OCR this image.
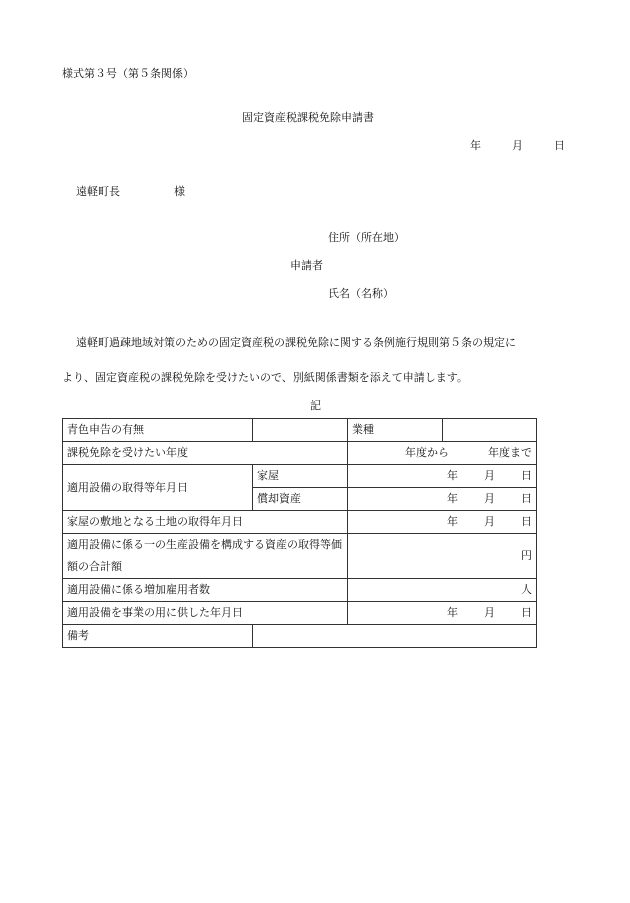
様式第３号（第５条関係）
固定資産税課税免除申請書
年	月	日
遠軽町長	様
住所（所在地）
申請者
氏名（名称）
遠軽町過疎地域対策のための固定資産税の課税免除に関する条例施行規則第５条の規定に
より、固定資産税の課税免除を受けたいので、別紙関係書類を添えて申請します。
記
青色申告の有無		業種	
課税免除を受けたい年度		年度から 年度まで	
適用設備の取得等年月日	家屋	年 月 日	
	償却資産	年 月 日	
家屋の敷地となる土地の取得年月日		年 月 日	
適用設備に係る一の生産設備を構成する資産の取得等価額の合計額		円	
適用設備に係る増加雇用者数		人	
適用設備を事業の用に供した年月日		年 月 日	
備考			
